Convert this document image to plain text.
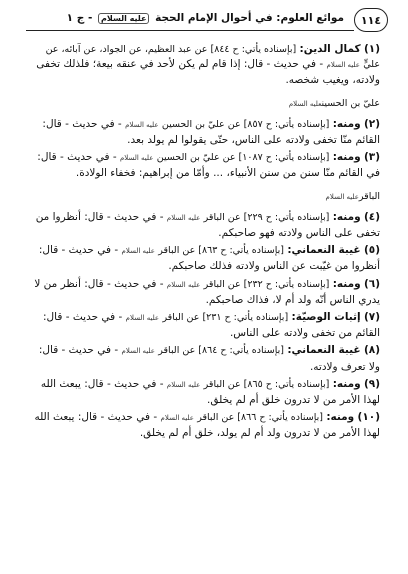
١١٤
موائع العلوم: في أحوال الإمام الحجة عليه السلام - ج ١
(١) كمال الدين: [بإسناده يأتي: ح ٨٤٤] عن عبد العظيم، عن الجواد، عن آبائه، عن عليٍّ عليه السلام - في حديث - قال: إذا قام لم يكن لأحد في عنقه بيعة؛ فلذلك تخفى ولادته، ويغيب شخصه.
عليّ بن الحسينعليه السلام
(٢) ومنه: [بإسناده يأتي: ح ٨٥٧] عن عليّ بن الحسين عليه السلام - في حديث - قال: القائم منّا تخفى ولادته على الناس، حتّى يقولوا لم يولد بعد.
(٣) ومنه: [بإسناده يأتي: ح ١٠٨٧] عن عليّ بن الحسين عليه السلام - في حديث - قال: في القائم منّا سنن من سنن الأنبياء، ... وأمّا من إبراهيم: فخفاء الولادة.
الباقرعليه السلام
(٤) ومنه: [بإسناده يأتي: ح ٢٢٩] عن الباقر عليه السلام - في حديث - قال: أنظروا من تخفى على الناس ولادته فهو صاحبكم.
(٥) غيبة النعماني: [بإسناده يأتي: ح ٨٦٣] عن الباقر عليه السلام - في حديث - قال: أنظروا من غيّبت عن الناس ولادته فذلك صاحبكم.
(٦) ومنه: [بإسناده يأتي: ح ٢٣٢] عن الباقر عليه السلام - في حديث - قال: أنظر من لا يدري الناس أنّه ولد أم لا، فذاك صاحبكم.
(٧) إثبات الوصيّة: [بإسناده يأتي: ح ٢٣١] عن الباقر عليه السلام - في حديث - قال: القائم من تخفى ولادته على الناس.
(٨) غيبة النعماني: [بإسناده يأتي: ح ٨٦٤] عن الباقر عليه السلام - في حديث - قال: ولا تعرف ولادته.
(٩) ومنه: [بإسناده يأتي: ح ٨٦٥] عن الباقر عليه السلام - في حديث - قال: يبعث الله لهذا الأمر من لا تدرون خلق أم لم يخلق.
(١٠) ومنه: [بإسناده يأتي: ح ٨٦٦] عن الباقر عليه السلام - في حديث - قال: يبعث الله لهذا الأمر من لا تدرون ولد أم لم يولد، خلق أم لم يخلق.
